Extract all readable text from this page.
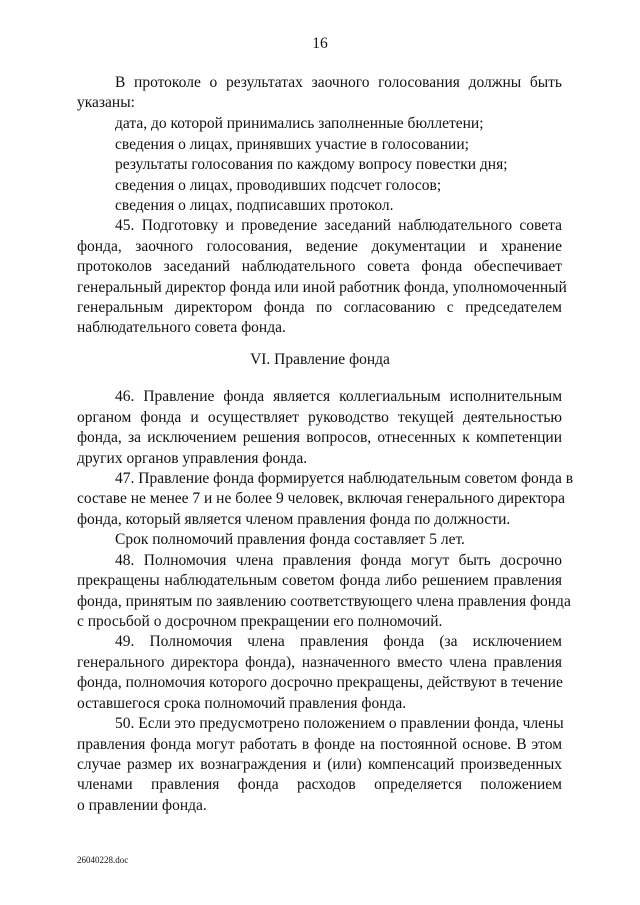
16
В протоколе о результатах заочного голосования должны быть
указаны:
дата, до которой принимались заполненные бюллетени;
сведения о лицах, принявших участие в голосовании;
результаты голосования по каждому вопросу повестки дня;
сведения о лицах, проводивших подсчет голосов;
сведения о лицах, подписавших протокол.
45. Подготовку и проведение заседаний наблюдательного совета
фонда, заочного голосования, ведение документации и хранение
протоколов заседаний наблюдательного совета фонда обеспечивает
генеральный директор фонда или иной работник фонда, уполномоченный
генеральным директором фонда по согласованию с председателем
наблюдательного совета фонда.
VI. Правление фонда
46. Правление фонда является коллегиальным исполнительным
органом фонда и осуществляет руководство текущей деятельностью
фонда, за исключением решения вопросов, отнесенных к компетенции
других органов управления фонда.
47. Правление фонда формируется наблюдательным советом фонда в
составе не менее 7 и не более 9 человек, включая генерального директора
фонда, который является членом правления фонда по должности.
Срок полномочий правления фонда составляет 5 лет.
48. Полномочия члена правления фонда могут быть досрочно
прекращены наблюдательным советом фонда либо решением правления
фонда, принятым по заявлению соответствующего члена правления фонда
с просьбой о досрочном прекращении его полномочий.
49. Полномочия члена правления фонда (за исключением
генерального директора фонда), назначенного вместо члена правления
фонда, полномочия которого досрочно прекращены, действуют в течение
оставшегося срока полномочий правления фонда.
50. Если это предусмотрено положением о правлении фонда, члены
правления фонда могут работать в фонде на постоянной основе. В этом
случае размер их вознаграждения и (или) компенсаций произведенных
членами правления фонда расходов определяется положением
о правлении фонда.
26040228.doc
